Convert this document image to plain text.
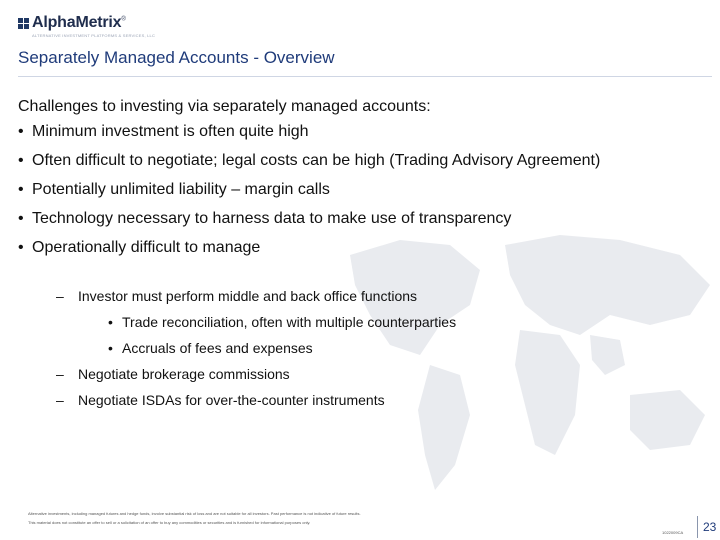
AlphaMetrix®
ALTERNATIVE INVESTMENT PLATFORMS & SERVICES, LLC
Separately Managed Accounts - Overview
Challenges to investing via separately managed accounts:
• Minimum investment is often quite high
• Often difficult to negotiate; legal costs can be high (Trading Advisory Agreement)
• Potentially unlimited liability – margin calls
• Technology necessary to harness data to make use of transparency
• Operationally difficult to manage
– Investor must perform middle and back office functions
• Trade reconciliation, often with multiple counterparties
• Accruals of fees and expenses
– Negotiate brokerage commissions
– Negotiate ISDAs for over-the-counter instruments
Alternative investments, including managed futures and hedge funds, involve substantial risk of loss and are not suitable for all investors. Past performance is not indicative of future results.
This material does not constitute an offer to sell or a solicitation of an offer to buy any commodities or securities and is furnished for informational purposes only.
1022009CA 23
